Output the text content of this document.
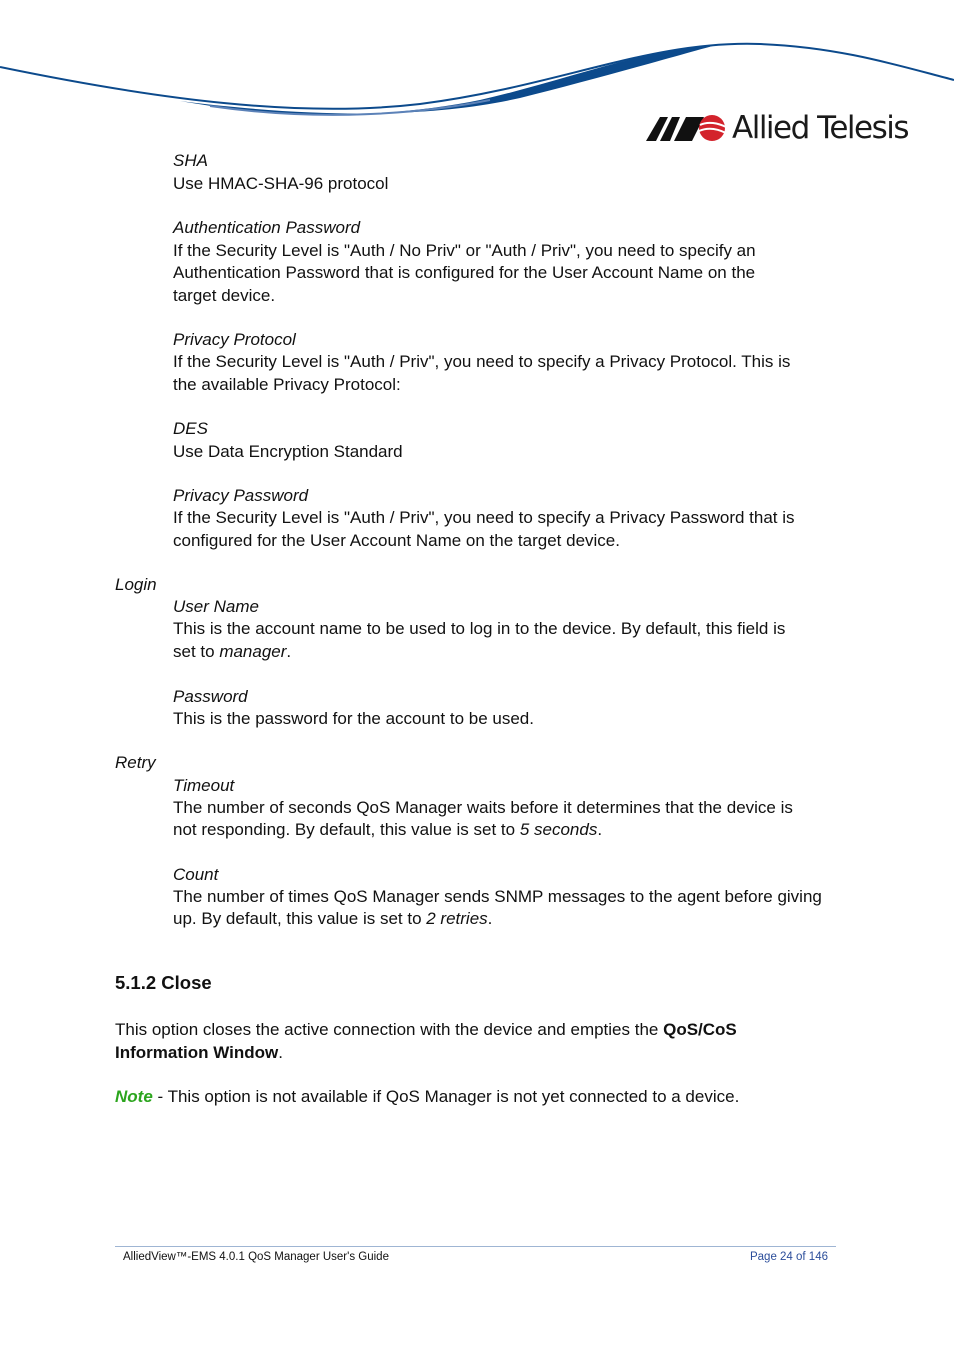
Allied Telesis
SHA
Use HMAC-SHA-96 protocol
Authentication Password
If the Security Level is "Auth / No Priv" or "Auth / Priv", you need to specify an
Authentication Password that is configured for the User Account Name on the
target device.
Privacy Protocol
If the Security Level is "Auth / Priv", you need to specify a Privacy Protocol. This is
the available Privacy Protocol:
DES
Use Data Encryption Standard
Privacy Password
If the Security Level is "Auth / Priv", you need to specify a Privacy Password that is
configured for the User Account Name on the target device.
Login
User Name
This is the account name to be used to log in to the device. By default, this field is
set to manager.
Password
This is the password for the account to be used.
Retry
Timeout
The number of seconds QoS Manager waits before it determines that the device is
not responding. By default, this value is set to 5 seconds.
Count
The number of times QoS Manager sends SNMP messages to the agent before giving
up. By default, this value is set to 2 retries.
5.1.2 Close
This option closes the active connection with the device and empties the QoS/CoS
Information Window.
Note - This option is not available if QoS Manager is not yet connected to a device.
AlliedView™-EMS 4.0.1 QoS Manager User's Guide	Page 24 of 146
